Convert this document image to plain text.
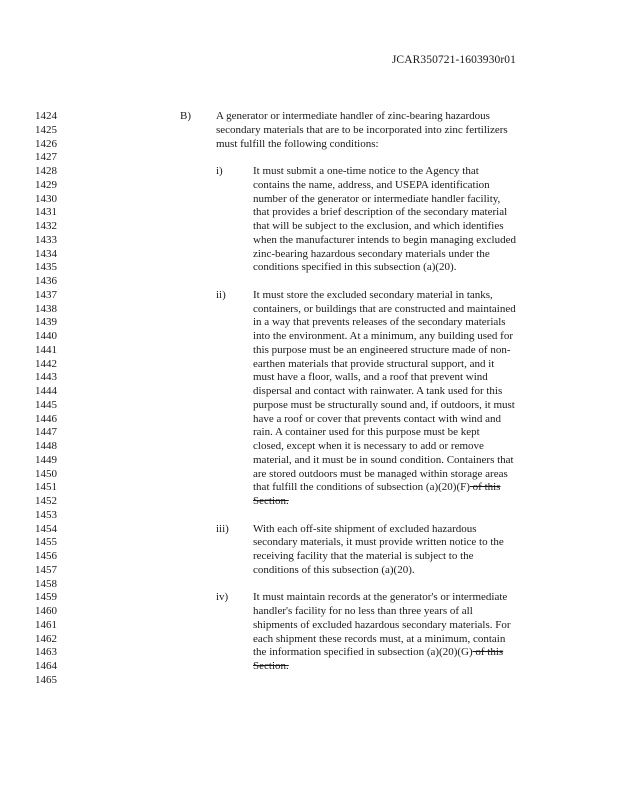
JCAR350721-1603930r01
1424
1425
1426
1427
1428
1429
1430
1431
1432
1433
1434
1435
1436
1437
1438
1439
1440
1441
1442
1443
1444
1445
1446
1447
1448
1449
1450
1451
1452
1453
1454
1455
1456
1457
1458
1459
1460
1461
1462
1463
1464
1465
B) A generator or intermediate handler of zinc-bearing hazardous
secondary materials that are to be incorporated into zinc fertilizers
must fulfill the following conditions:
i)	It must submit a one-time notice to the Agency that
contains the name, address, and USEPA identification
number of the generator or intermediate handler facility,
that provides a brief description of the secondary material
that will be subject to the exclusion, and which identifies
when the manufacturer intends to begin managing excluded
zinc-bearing hazardous secondary materials under the
conditions specified in this subsection (a)(20).
ii) It must store the excluded secondary material in tanks,
containers, or buildings that are constructed and maintained
in a way that prevents releases of the secondary materials
into the environment. At a minimum, any building used for
this purpose must be an engineered structure made of non-
earthen materials that provide structural support, and it
must have a floor, walls, and a roof that prevent wind
dispersal and contact with rainwater. A tank used for this
purpose must be structurally sound and, if outdoors, it must
have a roof or cover that prevents contact with wind and
rain. A container used for this purpose must be kept
closed, except when it is necessary to add or remove
material, and it must be in sound condition. Containers that
are stored outdoors must be managed within storage areas
that fulfill the conditions of subsection (a)(20)(F) of this
Section.
iii) With each off-site shipment of excluded hazardous
secondary materials, it must provide written notice to the
receiving facility that the material is subject to the
conditions of this subsection (a)(20).
iv) It must maintain records at the generator's or intermediate
handler's facility for no less than three years of all
shipments of excluded hazardous secondary materials. For
each shipment these records must, at a minimum, contain
the information specified in subsection (a)(20)(G) of this
Section.
